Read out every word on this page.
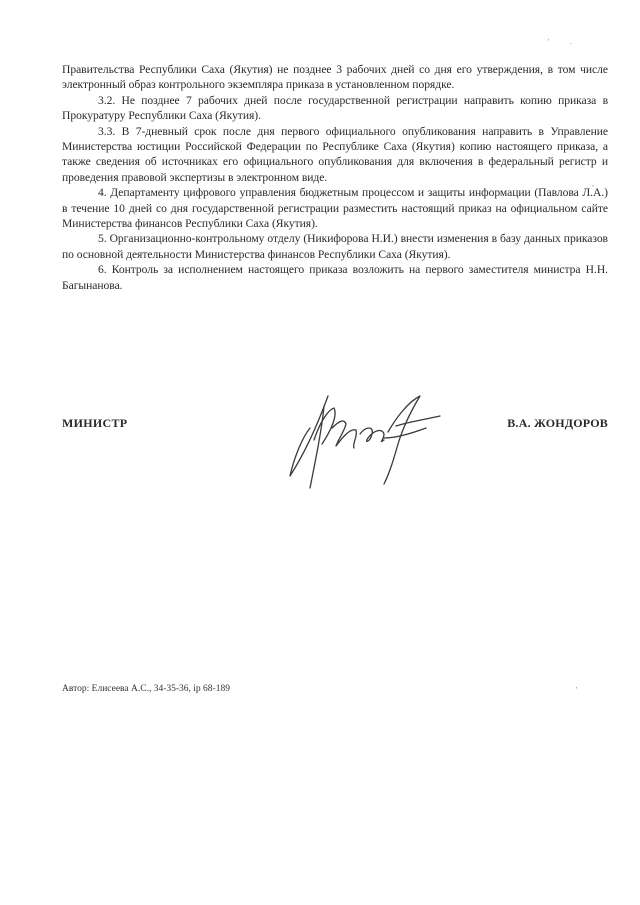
'	.
,
'

Правительства Республики Саха (Якутия) не позднее 3 рабочих дней со дня его утверждения, в том числе электронный образ контрольного экземпляра приказа в установленном порядке.

3.2. Не позднее 7 рабочих дней после государственной регистрации направить копию приказа в Прокуратуру Республики Саха (Якутия).

3.3. В 7-дневный срок после дня первого официального опубликования направить в Управление Министерства юстиции Российской Федерации по Республике Саха (Якутия) копию настоящего приказа, а также сведения об источниках его официального опубликования для включения в федеральный регистр и проведения правовой экспертизы в электронном виде.

4. Департаменту цифрового управления бюджетным процессом и защиты информации (Павлова Л.А.) в течение 10 дней со дня государственной регистрации разместить настоящий приказ на официальном сайте Министерства финансов Республики Саха (Якутия).

5. Организационно-контрольному отделу (Никифорова Н.И.) внести изменения в базу данных приказов по основной деятельности Министерства финансов Республики Саха (Якутия).

6. Контроль за исполнением настоящего приказа возложить на первого заместителя министра Н.Н. Багынанова.

МИНИСТР	В.А. ЖОНДОРОВ
Автор: Елисеева А.С., 34-35-36, ip 68-189
